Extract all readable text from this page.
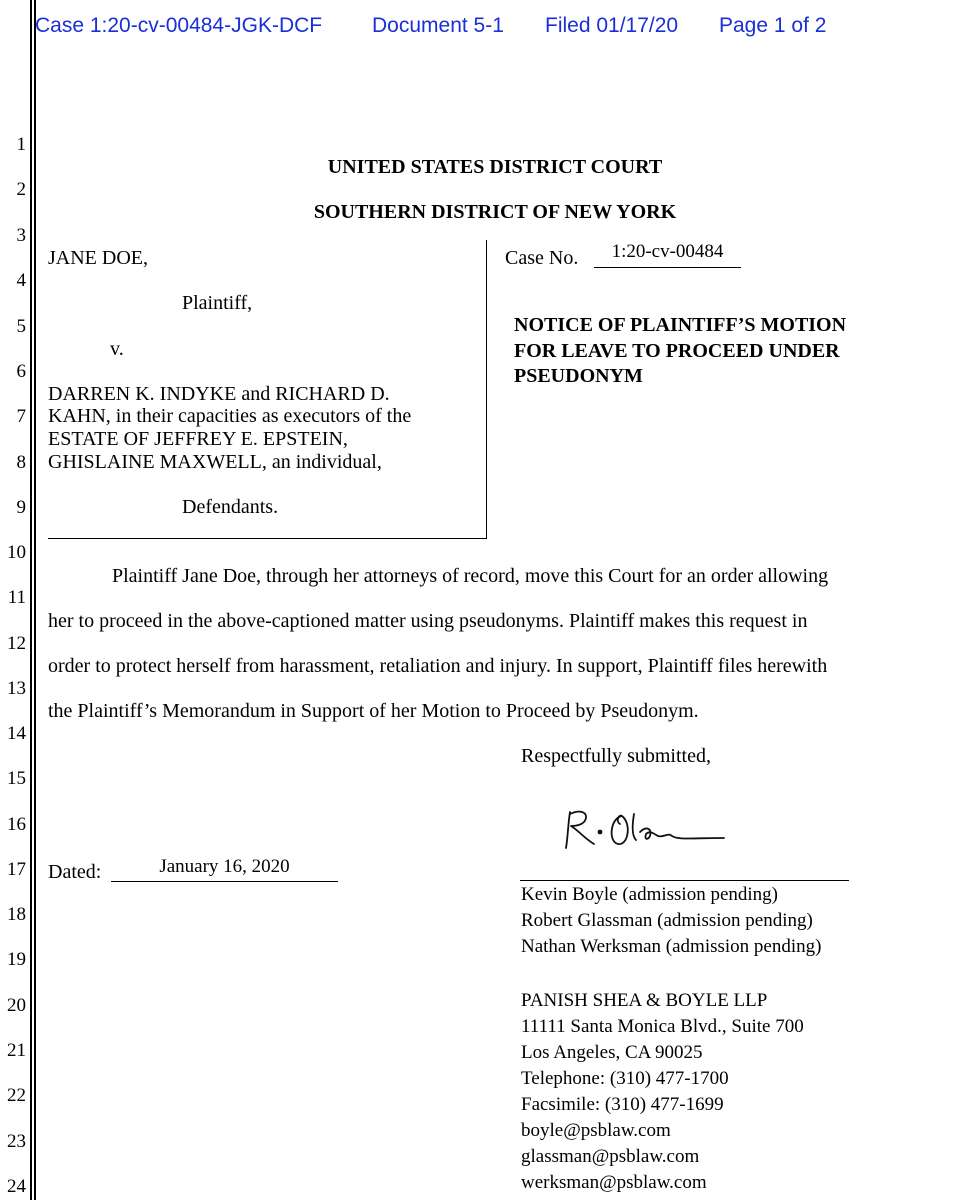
Case 1:20-cv-00484-JGK-DCF Document 5-1 Filed 01/17/20 Page 1 of 2
1
2
3
4
5
6
7
8
9
10
11
12
13
14
15
16
17
18
19
20
21
22
23
24
UNITED STATES DISTRICT COURT
SOUTHERN DISTRICT OF NEW YORK
JANE DOE,
Plaintiff,
v.
DARREN K. INDYKE and RICHARD D.
KAHN, in their capacities as executors of the
ESTATE OF JEFFREY E. EPSTEIN,
GHISLAINE MAXWELL, an individual,
Defendants.
Case No.	1:20-cv-00484
NOTICE OF PLAINTIFF’S MOTION
FOR LEAVE TO PROCEED UNDER
PSEUDONYM
Plaintiff Jane Doe, through her attorneys of record, move this Court for an order allowing
her to proceed in the above-captioned matter using pseudonyms. Plaintiff makes this request in
order to protect herself from harassment, retaliation and injury. In support, Plaintiff files herewith
the Plaintiff’s Memorandum in Support of her Motion to Proceed by Pseudonym.
Respectfully submitted,
Dated:	January 16, 2020
Kevin Boyle (admission pending)
Robert Glassman (admission pending)
Nathan Werksman (admission pending)
PANISH SHEA & BOYLE LLP
11111 Santa Monica Blvd., Suite 700
Los Angeles, CA 90025
Telephone: (310) 477-1700
Facsimile: (310) 477-1699
boyle@psblaw.com
glassman@psblaw.com
werksman@psblaw.com
